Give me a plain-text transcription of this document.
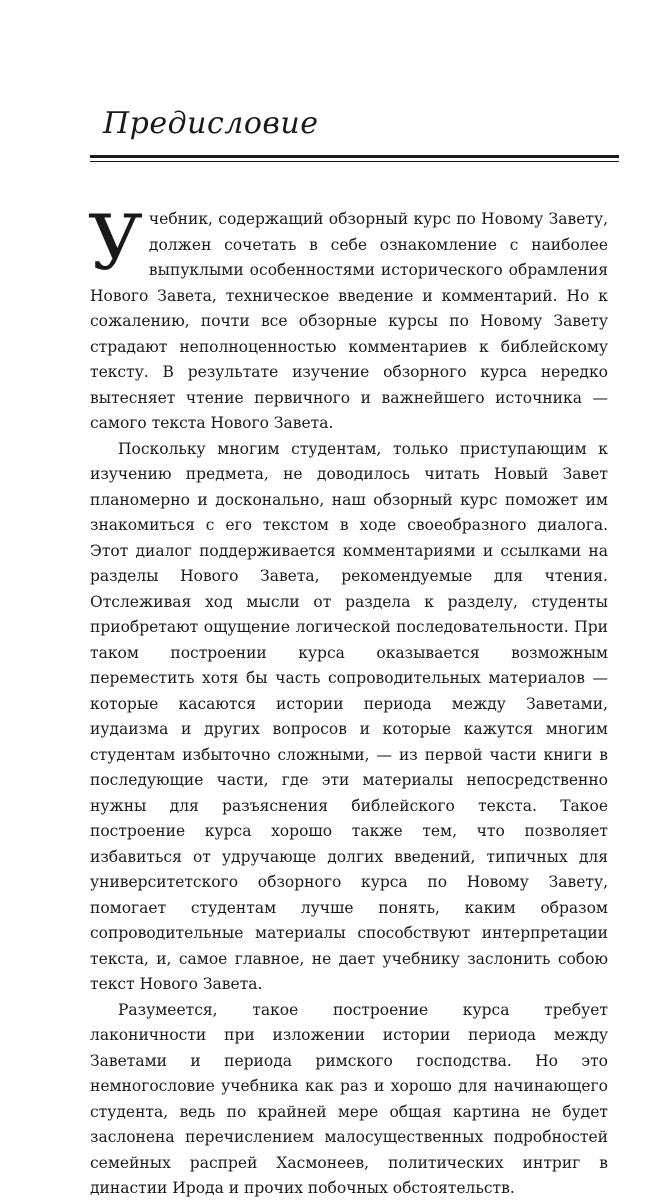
Предисловие

Учебник, содержащий обзорный курс по Новому Завету, должен сочетать в себе ознакомление с наиболее выпуклыми особенностями исторического обрамления Нового Завета, техническое введение и комментарий. Но к сожалению, почти все обзорные курсы по Новому Завету страдают неполноценностью комментариев к библейскому тексту. В результате изучение обзорного курса нередко вытесняет чтение первичного и важнейшего источника — самого текста Нового Завета.

Поскольку многим студентам, только приступающим к изучению предмета, не доводилось читать Новый Завет планомерно и досконально, наш обзорный курс поможет им знакомиться с его текстом в ходе своеобразного диалога. Этот диалог поддерживается комментариями и ссылками на разделы Нового Завета, рекомендуемые для чтения. Отслеживая ход мысли от раздела к разделу, студенты приобретают ощущение логической последовательности. При таком построении курса оказывается возможным переместить хотя бы часть сопроводительных материалов — которые касаются истории периода между Заветами, иудаизма и других вопросов и которые кажутся многим студентам избыточно сложными, — из первой части книги в последующие части, где эти материалы непосредственно нужны для разъяснения библейского текста. Такое построение курса хорошо также тем, что позволяет избавиться от удручающе долгих введений, типичных для университетского обзорного курса по Новому Завету, помогает студентам лучше понять, каким образом сопроводительные материалы способствуют интерпретации текста, и, самое главное, не дает учебнику заслонить собою текст Нового Завета.

Разумеется, такое построение курса требует лаконичности при изложении истории периода между Заветами и периода римского господства. Но это немногословие учебника как раз и хорошо для начинающего студента, ведь по крайней мере общая картина не будет заслонена перечислением малосущественных подробностей семейных распрей Хасмонеев, политических интриг в династии Ирода и прочих побочных обстоятельств.
